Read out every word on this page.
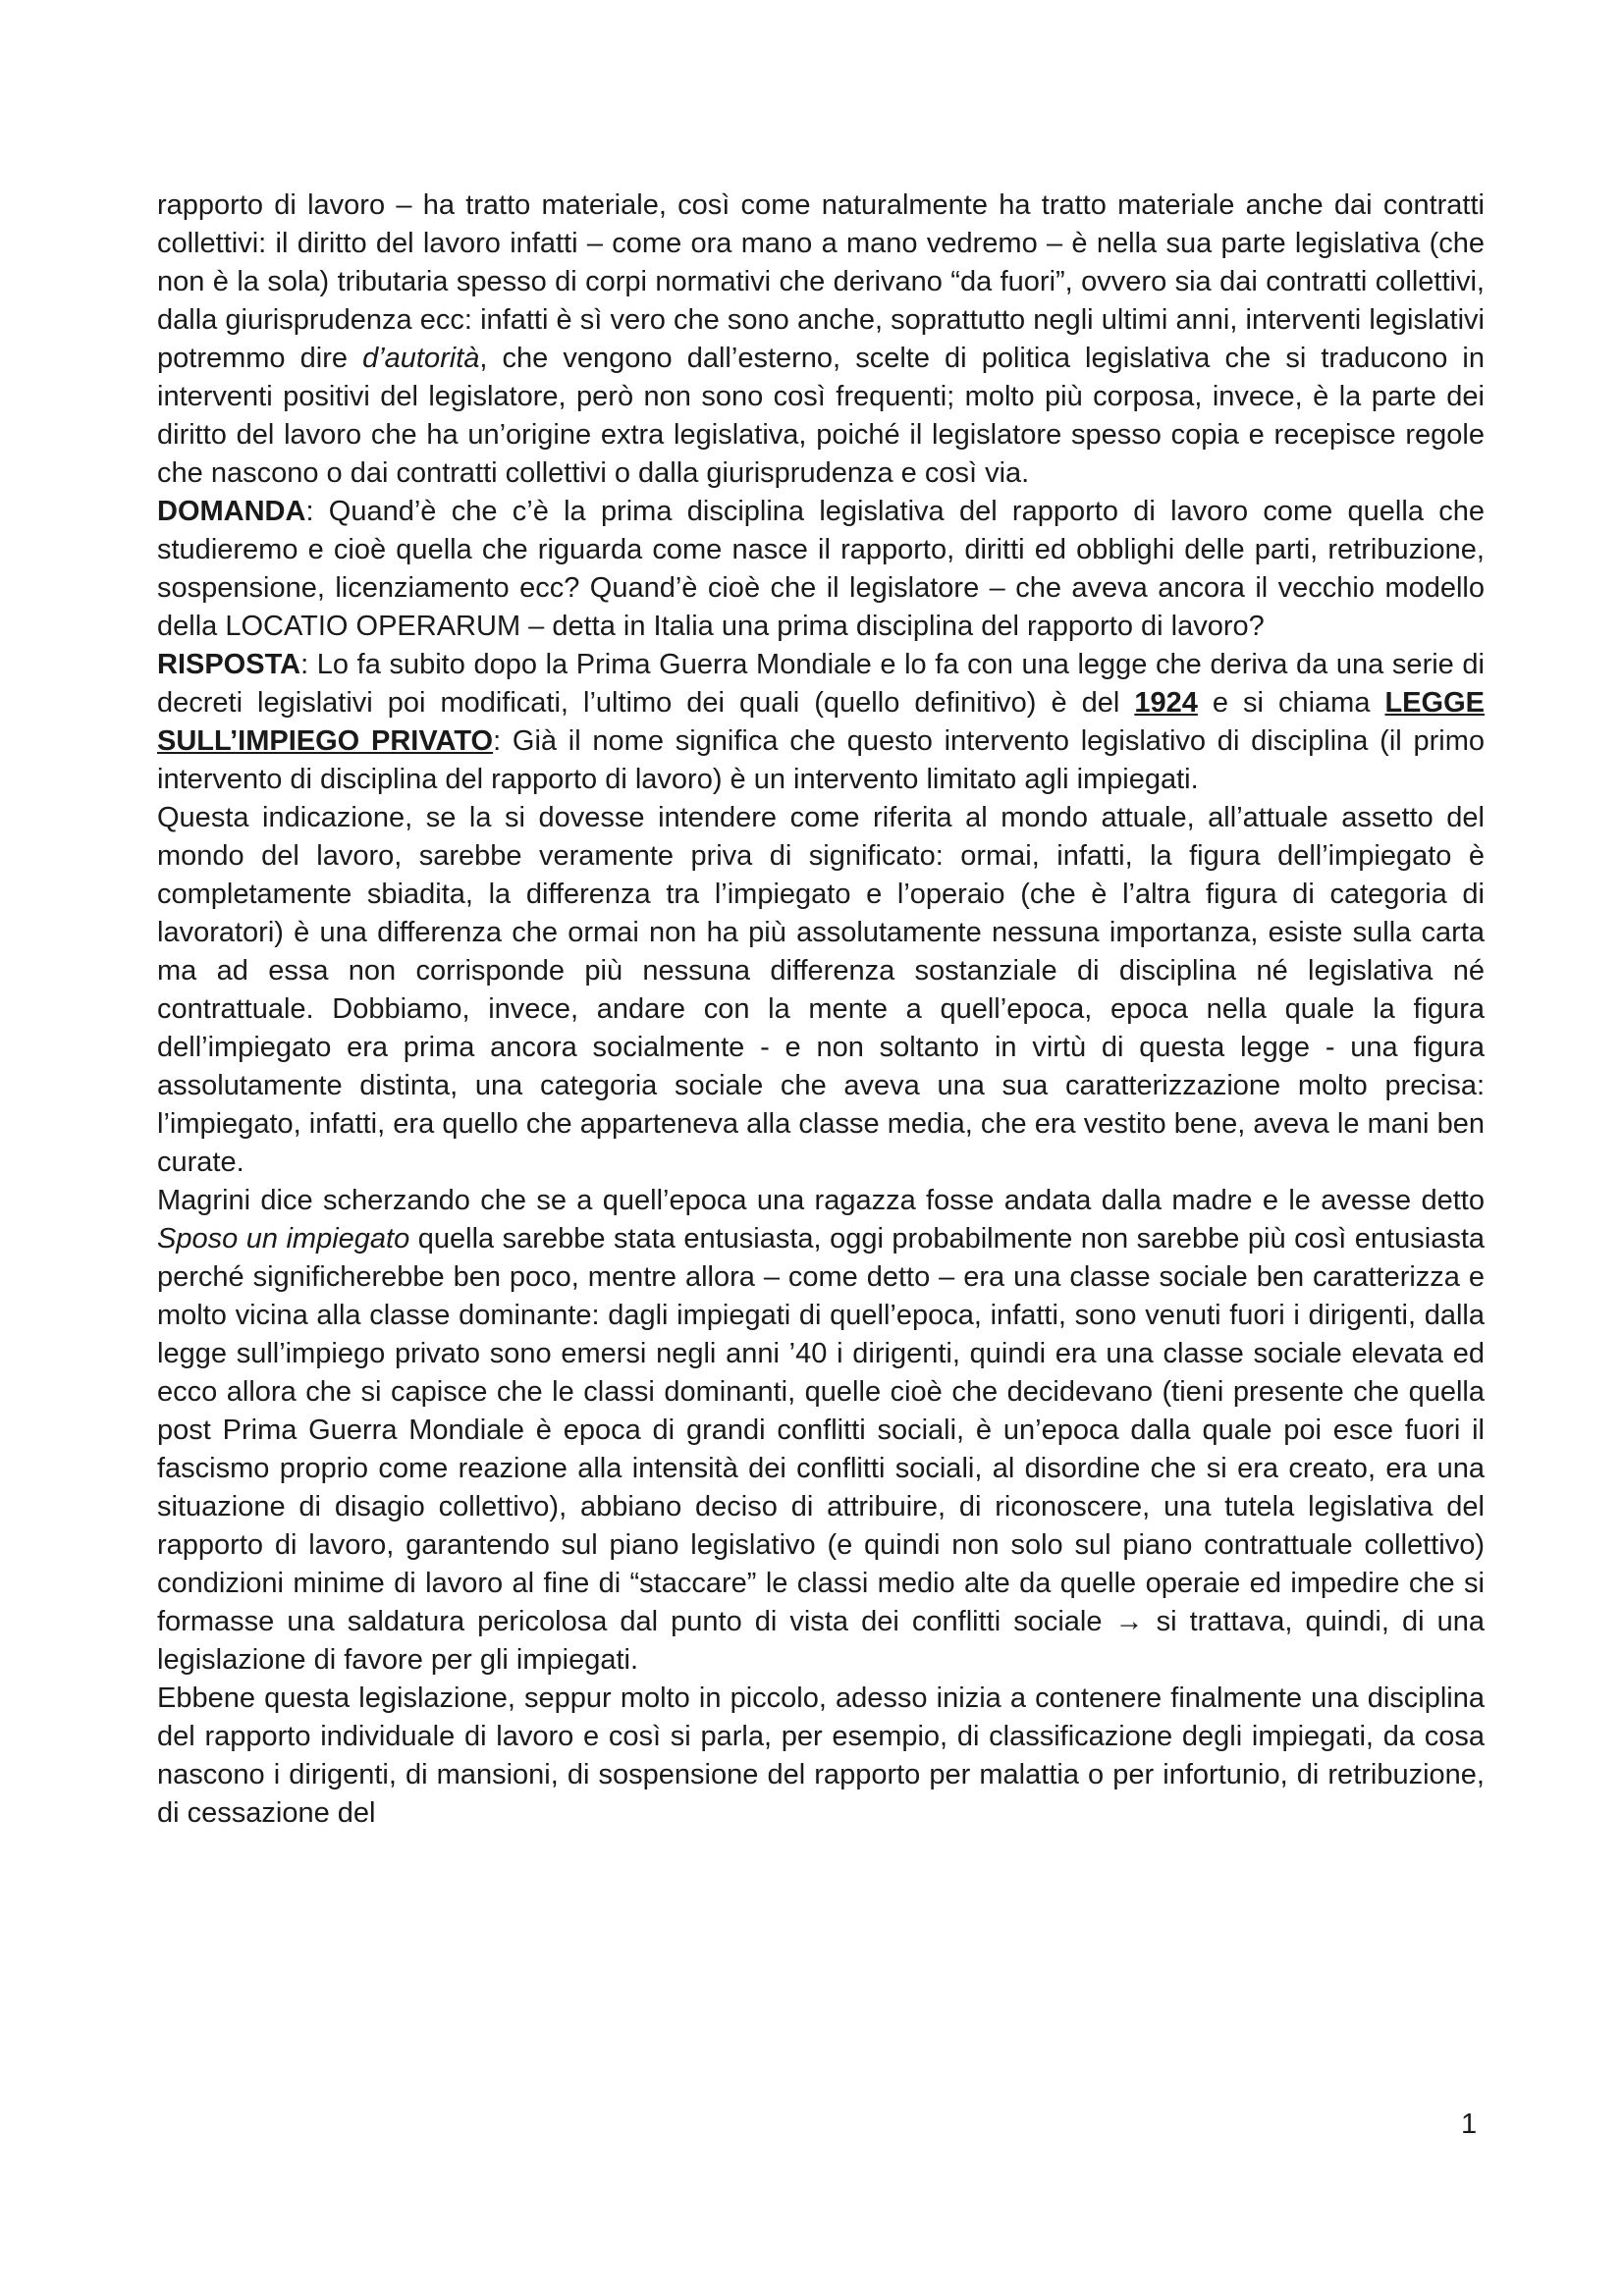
rapporto di lavoro – ha tratto materiale, così come naturalmente ha tratto materiale anche dai contratti collettivi: il diritto del lavoro infatti – come ora mano a mano vedremo – è nella sua parte legislativa (che non è la sola) tributaria spesso di corpi normativi che derivano “da fuori”, ovvero sia dai contratti collettivi, dalla giurisprudenza ecc: infatti è sì vero che sono anche, soprattutto negli ultimi anni, interventi legislativi potremmo dire d’autorità, che vengono dall’esterno, scelte di politica legislativa che si traducono in interventi positivi del legislatore, però non sono così frequenti; molto più corposa, invece, è la parte dei diritto del lavoro che ha un’origine extra legislativa, poiché il legislatore spesso copia e recepisce regole che nascono o dai contratti collettivi o dalla giurisprudenza e così via.

DOMANDA: Quand’è che c’è la prima disciplina legislativa del rapporto di lavoro come quella che studieremo e cioè quella che riguarda come nasce il rapporto, diritti ed obblighi delle parti, retribuzione, sospensione, licenziamento ecc? Quand’è cioè che il legislatore – che aveva ancora il vecchio modello della LOCATIO OPERARUM – detta in Italia una prima disciplina del rapporto di lavoro?

RISPOSTA: Lo fa subito dopo la Prima Guerra Mondiale e lo fa con una legge che deriva da una serie di decreti legislativi poi modificati, l’ultimo dei quali (quello definitivo) è del 1924 e si chiama LEGGE SULL’IMPIEGO PRIVATO: Già il nome significa che questo intervento legislativo di disciplina (il primo intervento di disciplina del rapporto di lavoro) è un intervento limitato agli impiegati.

Questa indicazione, se la si dovesse intendere come riferita al mondo attuale, all’attuale assetto del mondo del lavoro, sarebbe veramente priva di significato: ormai, infatti, la figura dell’impiegato è completamente sbiadita, la differenza tra l’impiegato e l’operaio (che è l’altra figura di categoria di lavoratori) è una differenza che ormai non ha più assolutamente nessuna importanza, esiste sulla carta ma ad essa non corrisponde più nessuna differenza sostanziale di disciplina né legislativa né contrattuale. Dobbiamo, invece, andare con la mente a quell’epoca, epoca nella quale la figura dell’impiegato era prima ancora socialmente - e non soltanto in virtù di questa legge - una figura assolutamente distinta, una categoria sociale che aveva una sua caratterizzazione molto precisa: l’impiegato, infatti, era quello che apparteneva alla classe media, che era vestito bene, aveva le mani ben curate.

Magrini dice scherzando che se a quell’epoca una ragazza fosse andata dalla madre e le avesse detto Sposo un impiegato quella sarebbe stata entusiasta, oggi probabilmente non sarebbe più così entusiasta perché significherebbe ben poco, mentre allora – come detto – era una classe sociale ben caratterizza e molto vicina alla classe dominante: dagli impiegati di quell’epoca, infatti, sono venuti fuori i dirigenti, dalla legge sull’impiego privato sono emersi negli anni ’40 i dirigenti, quindi era una classe sociale elevata ed ecco allora che si capisce che le classi dominanti, quelle cioè che decidevano (tieni presente che quella post Prima Guerra Mondiale è epoca di grandi conflitti sociali, è un’epoca dalla quale poi esce fuori il fascismo proprio come reazione alla intensità dei conflitti sociali, al disordine che si era creato, era una situazione di disagio collettivo), abbiano deciso di attribuire, di riconoscere, una tutela legislativa del rapporto di lavoro, garantendo sul piano legislativo (e quindi non solo sul piano contrattuale collettivo) condizioni minime di lavoro al fine di “staccare” le classi medio alte da quelle operaie ed impedire che si formasse una saldatura pericolosa dal punto di vista dei conflitti sociale → si trattava, quindi, di una legislazione di favore per gli impiegati.

Ebbene questa legislazione, seppur molto in piccolo, adesso inizia a contenere finalmente una disciplina del rapporto individuale di lavoro e così si parla, per esempio, di classificazione degli impiegati, da cosa nascono i dirigenti, di mansioni, di sospensione del rapporto per malattia o per infortunio, di retribuzione, di cessazione del

1
